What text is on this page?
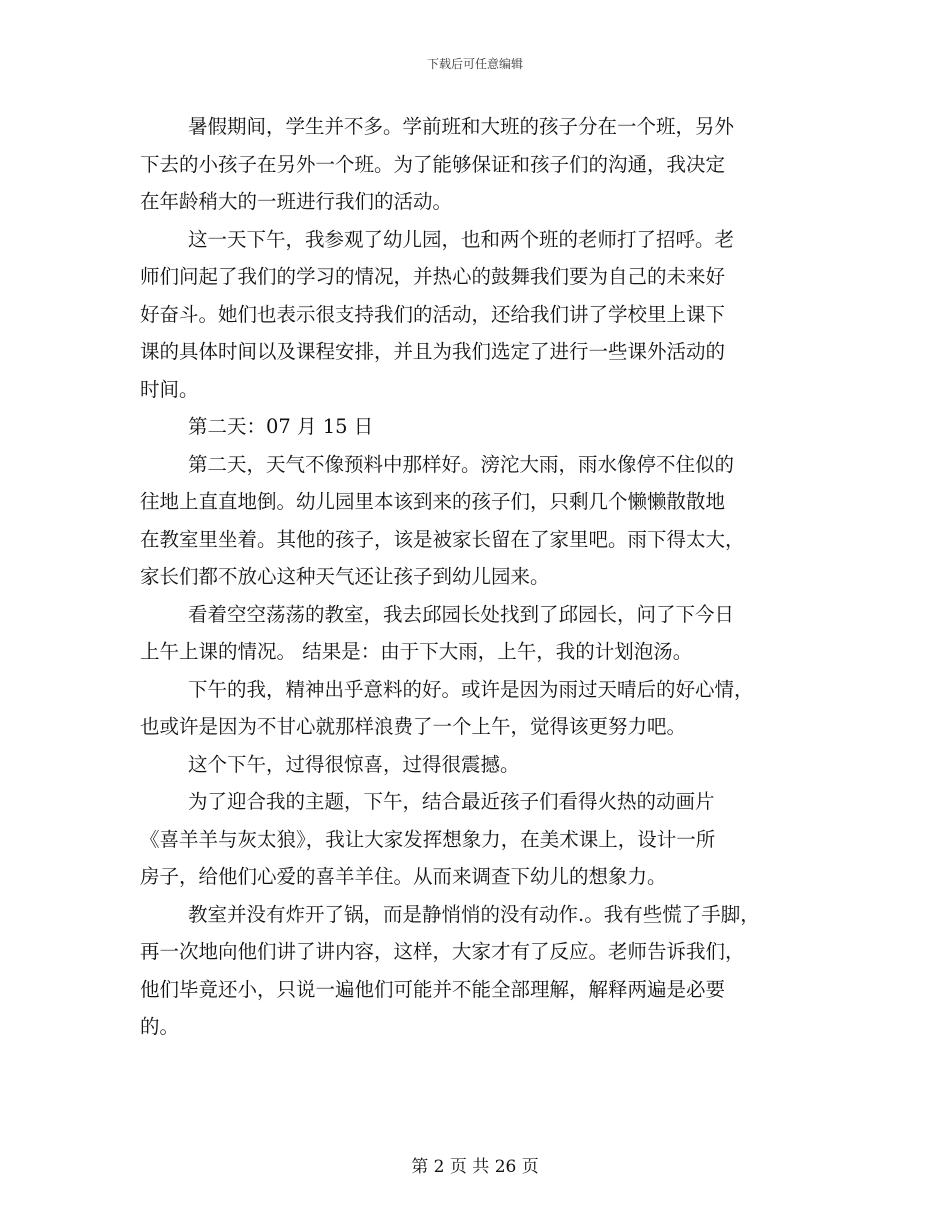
下载后可任意编辑
暑假期间，学生并不多。学前班和大班的孩子分在一个班，另外
下去的小孩子在另外一个班。为了能够保证和孩子们的沟通，我决定
在年龄稍大的一班进行我们的活动。
这一天下午，我参观了幼儿园，也和两个班的老师打了招呼。老
师们问起了我们的学习的情况，并热心的鼓舞我们要为自己的未来好
好奋斗。她们也表示很支持我们的活动，还给我们讲了学校里上课下
课的具体时间以及课程安排，并且为我们选定了进行一些课外活动的
时间。
第二天：07 月 15 日
第二天，天气不像预料中那样好。滂沱大雨，雨水像停不住似的
往地上直直地倒。幼儿园里本该到来的孩子们，只剩几个懒懒散散地
在教室里坐着。其他的孩子，该是被家长留在了家里吧。雨下得太大，
家长们都不放心这种天气还让孩子到幼儿园来。
看着空空荡荡的教室，我去邱园长处找到了邱园长，问了下今日
上午上课的情况。 结果是：由于下大雨，上午，我的计划泡汤。
下午的我，精神出乎意料的好。或许是因为雨过天晴后的好心情，
也或许是因为不甘心就那样浪费了一个上午，觉得该更努力吧。
这个下午，过得很惊喜，过得很震撼。
为了迎合我的主题，下午，结合最近孩子们看得火热的动画片
《喜羊羊与灰太狼》，我让大家发挥想象力，在美术课上，设计一所
房子，给他们心爱的喜羊羊住。从而来调查下幼儿的想象力。
教室并没有炸开了锅，而是静悄悄的没有动作.。我有些慌了手脚，
再一次地向他们讲了讲内容，这样，大家才有了反应。老师告诉我们，
他们毕竟还小，只说一遍他们可能并不能全部理解，解释两遍是必要
的。
第 2 页 共 26 页
